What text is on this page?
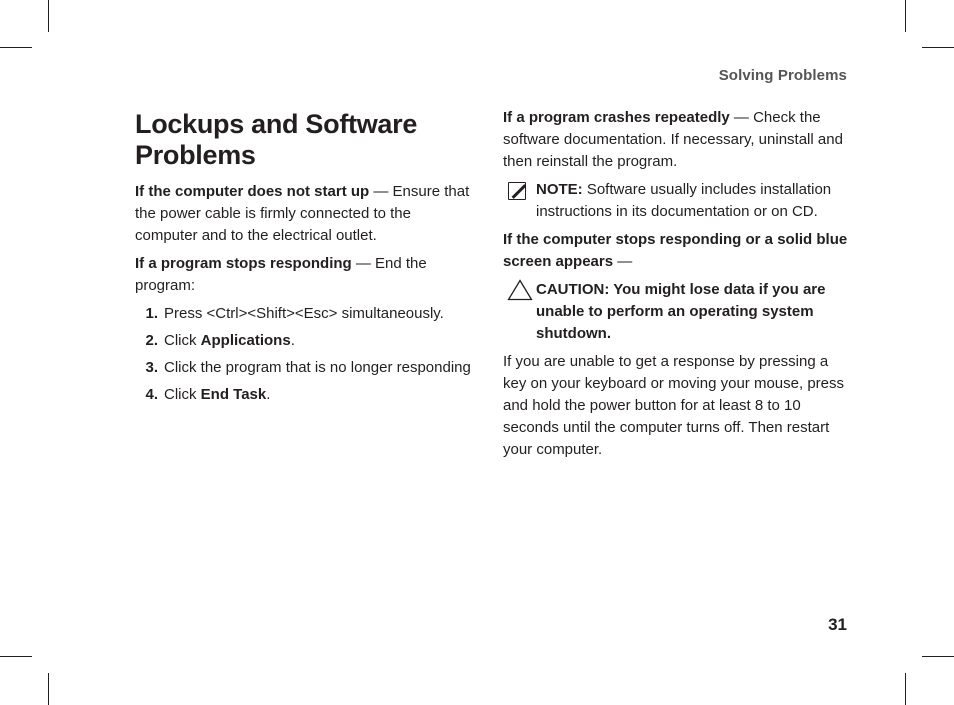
Solving Problems
Lockups and Software Problems

If the computer does not start up — Ensure that the power cable is firmly connected to the computer and to the electrical outlet.

If a program stops responding — End the program:

1. Press <Ctrl><Shift><Esc> simultaneously.
2. Click Applications.
3. Click the program that is no longer responding
4. Click End Task.

If a program crashes repeatedly — Check the software documentation. If necessary, uninstall and then reinstall the program.

NOTE: Software usually includes installation instructions in its documentation or on CD.

If the computer stops responding or a solid blue screen appears —

CAUTION: You might lose data if you are unable to perform an operating system shutdown.

If you are unable to get a response by pressing a key on your keyboard or moving your mouse, press and hold the power button for at least 8 to 10 seconds until the computer turns off. Then restart your computer.

31
